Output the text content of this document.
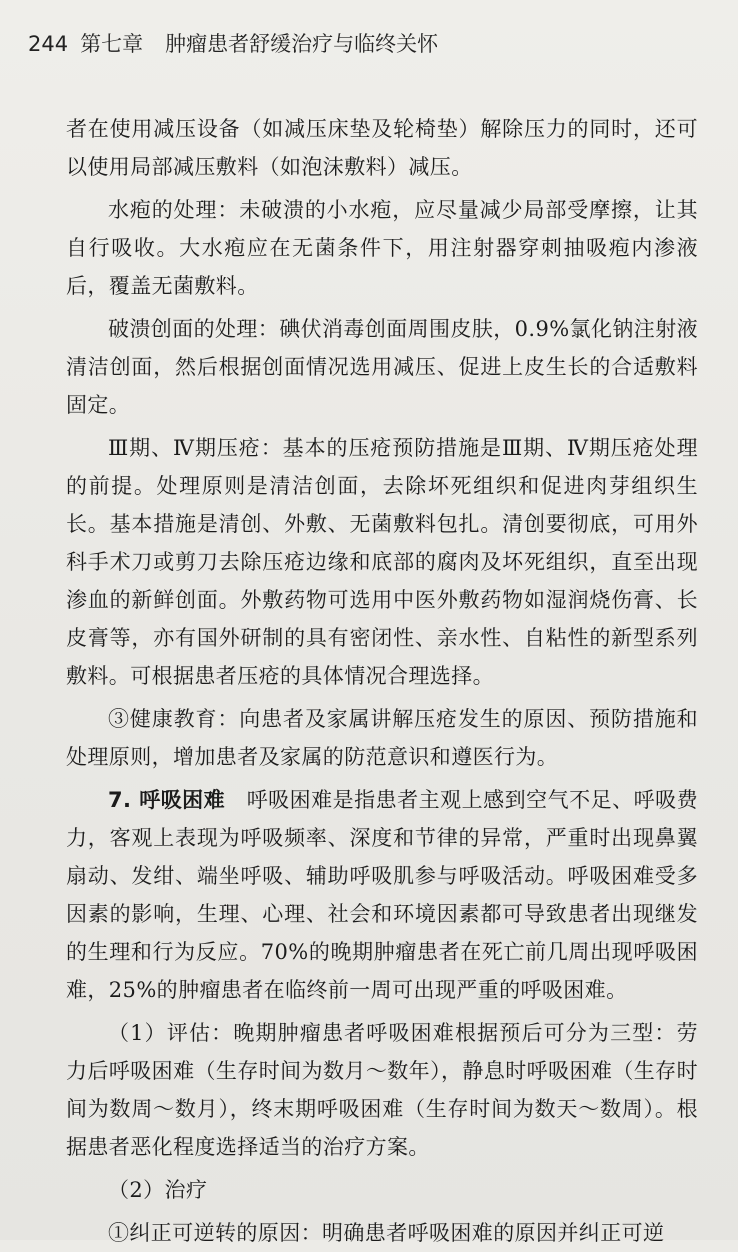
244 第七章 肿瘤患者舒缓治疗与临终关怀

者在使用减压设备（如减压床垫及轮椅垫）解除压力的同时，还可以使用局部减压敷料（如泡沫敷料）减压。

水疱的处理：未破溃的小水疱，应尽量减少局部受摩擦，让其自行吸收。大水疱应在无菌条件下，用注射器穿刺抽吸疱内渗液后，覆盖无菌敷料。

破溃创面的处理：碘伏消毒创面周围皮肤，0.9%氯化钠注射液清洁创面，然后根据创面情况选用减压、促进上皮生长的合适敷料固定。

Ⅲ期、Ⅳ期压疮：基本的压疮预防措施是Ⅲ期、Ⅳ期压疮处理的前提。处理原则是清洁创面，去除坏死组织和促进肉芽组织生长。基本措施是清创、外敷、无菌敷料包扎。清创要彻底，可用外科手术刀或剪刀去除压疮边缘和底部的腐肉及坏死组织，直至出现渗血的新鲜创面。外敷药物可选用中医外敷药物如湿润烧伤膏、长皮膏等，亦有国外研制的具有密闭性、亲水性、自粘性的新型系列敷料。可根据患者压疮的具体情况合理选择。

③健康教育：向患者及家属讲解压疮发生的原因、预防措施和处理原则，增加患者及家属的防范意识和遵医行为。

7. 呼吸困难　 呼吸困难是指患者主观上感到空气不足、呼吸费力，客观上表现为呼吸频率、深度和节律的异常，严重时出现鼻翼扇动、发绀、端坐呼吸、辅助呼吸肌参与呼吸活动。呼吸困难受多因素的影响，生理、心理、社会和环境因素都可导致患者出现继发的生理和行为反应。70%的晚期肿瘤患者在死亡前几周出现呼吸困难，25%的肿瘤患者在临终前一周可出现严重的呼吸困难。

（1）评估：晚期肿瘤患者呼吸困难根据预后可分为三型：劳力后呼吸困难（生存时间为数月～数年），静息时呼吸困难（生存时间为数周～数月），终末期呼吸困难（生存时间为数天～数周）。根据患者恶化程度选择适当的治疗方案。

（2）治疗

①纠正可逆转的原因：明确患者呼吸困难的原因并纠正可逆
